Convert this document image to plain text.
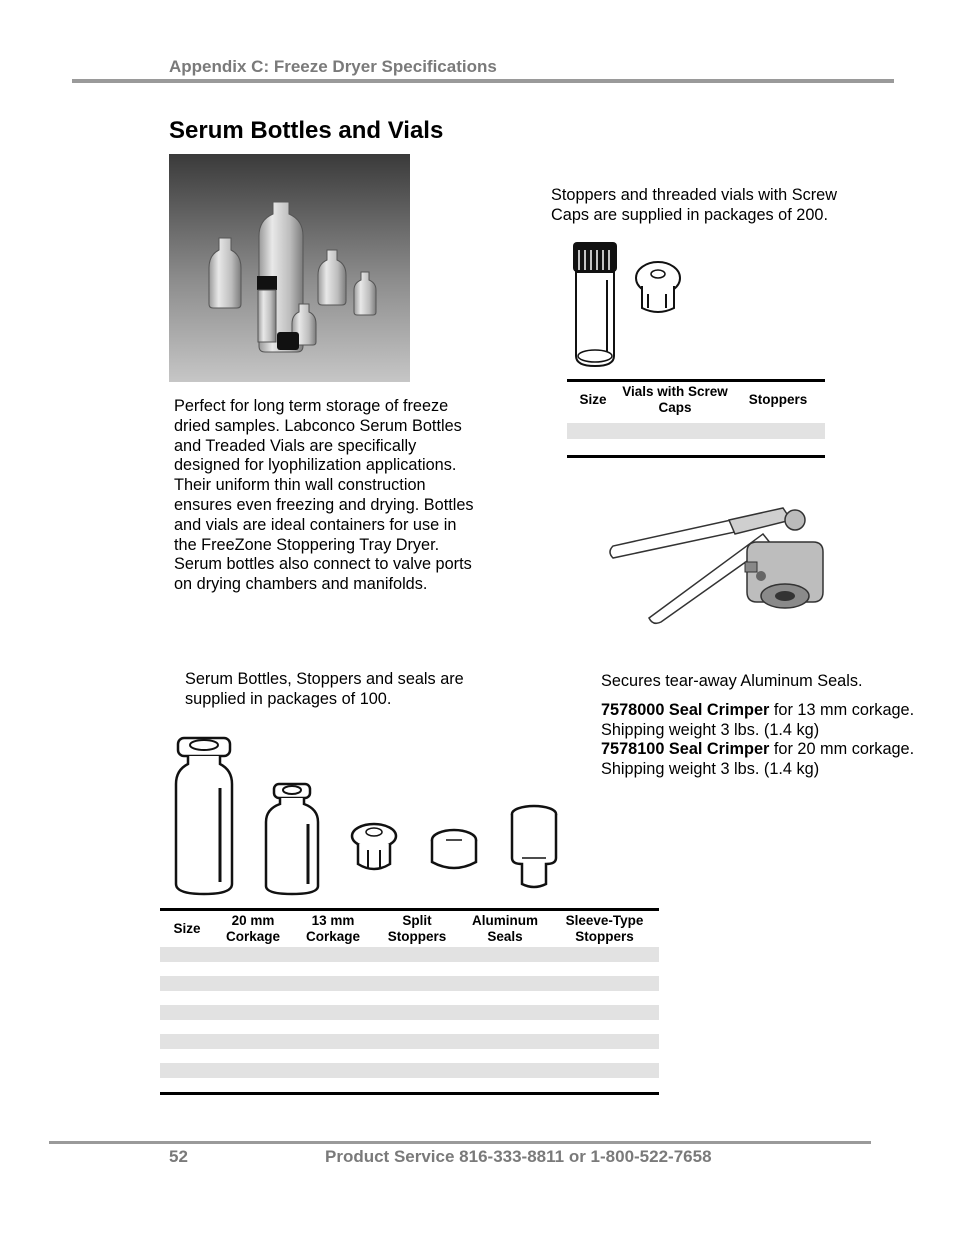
Appendix C: Freeze Dryer Specifications
Serum Bottles and Vials
Perfect for long term storage of freeze dried samples. Labconco Serum Bottles and Treaded Vials are specifically designed for lyophilization applications. Their uniform thin wall construction ensures even freezing and drying. Bottles and vials are ideal containers for use in the FreeZone Stoppering Tray Dryer. Serum bottles also connect to valve ports on drying chambers and manifolds.
Stoppers and threaded vials with Screw Caps are supplied in packages of 200.
Size	Vials with Screw Caps	Stoppers

Serum Bottles, Stoppers and seals are supplied in packages of 100.

Secures tear-away Aluminum Seals.

7578000 Seal Crimper for 13 mm corkage.

Shipping weight 3 lbs. (1.4 kg)

7578100 Seal Crimper for 20 mm corkage.

Shipping weight 3 lbs. (1.4 kg)

Size	20 mm Corkage	13 mm Corkage	Split Stoppers	Aluminum Seals	Sleeve-Type Stoppers

52	Product Service 816-333-8811 or 1-800-522-7658
